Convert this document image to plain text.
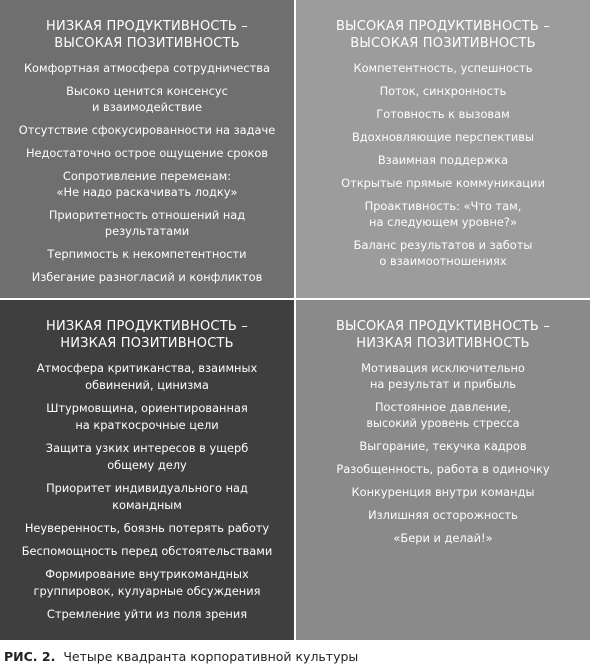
НИЗКАЯ ПРОДУКТИВНОСТЬ –
ВЫСОКАЯ ПОЗИТИВНОСТЬ
Комфортная атмосфера сотрудничества
Высоко ценится консенсус
и взаимодействие
Отсутствие сфокусированности на задаче
Недостаточно острое ощущение сроков
Сопротивление переменам:
«Не надо раскачивать лодку»
Приоритетность отношений над
результатами
Терпимость к некомпетентности
Избегание разногласий и конфликтов
ВЫСОКАЯ ПРОДУКТИВНОСТЬ –
ВЫСОКАЯ ПОЗИТИВНОСТЬ
Компетентность, успешность
Поток, синхронность
Готовность к вызовам
Вдохновляющие перспективы
Взаимная поддержка
Открытые прямые коммуникации
Проактивность: «Что там,
на следующем уровне?»
Баланс результатов и заботы
о взаимоотношениях
НИЗКАЯ ПРОДУКТИВНОСТЬ –
НИЗКАЯ ПОЗИТИВНОСТЬ
Атмосфера критиканства, взаимных
обвинений, цинизма
Штурмовщина, ориентированная
на краткосрочные цели
Защита узких интересов в ущерб
общему делу
Приоритет индивидуального над
командным
Неуверенность, боязнь потерять работу
Беспомощность перед обстоятельствами
Формирование внутрикомандных
группировок, кулуарные обсуждения
Стремление уйти из поля зрения
ВЫСОКАЯ ПРОДУКТИВНОСТЬ –
НИЗКАЯ ПОЗИТИВНОСТЬ
Мотивация исключительно
на результат и прибыль
Постоянное давление,
высокий уровень стресса
Выгорание, текучка кадров
Разобщенность, работа в одиночку
Конкуренция внутри команды
Излишняя осторожность
«Бери и делай!»
РИС. 2. Четыре квадранта корпоративной культуры
